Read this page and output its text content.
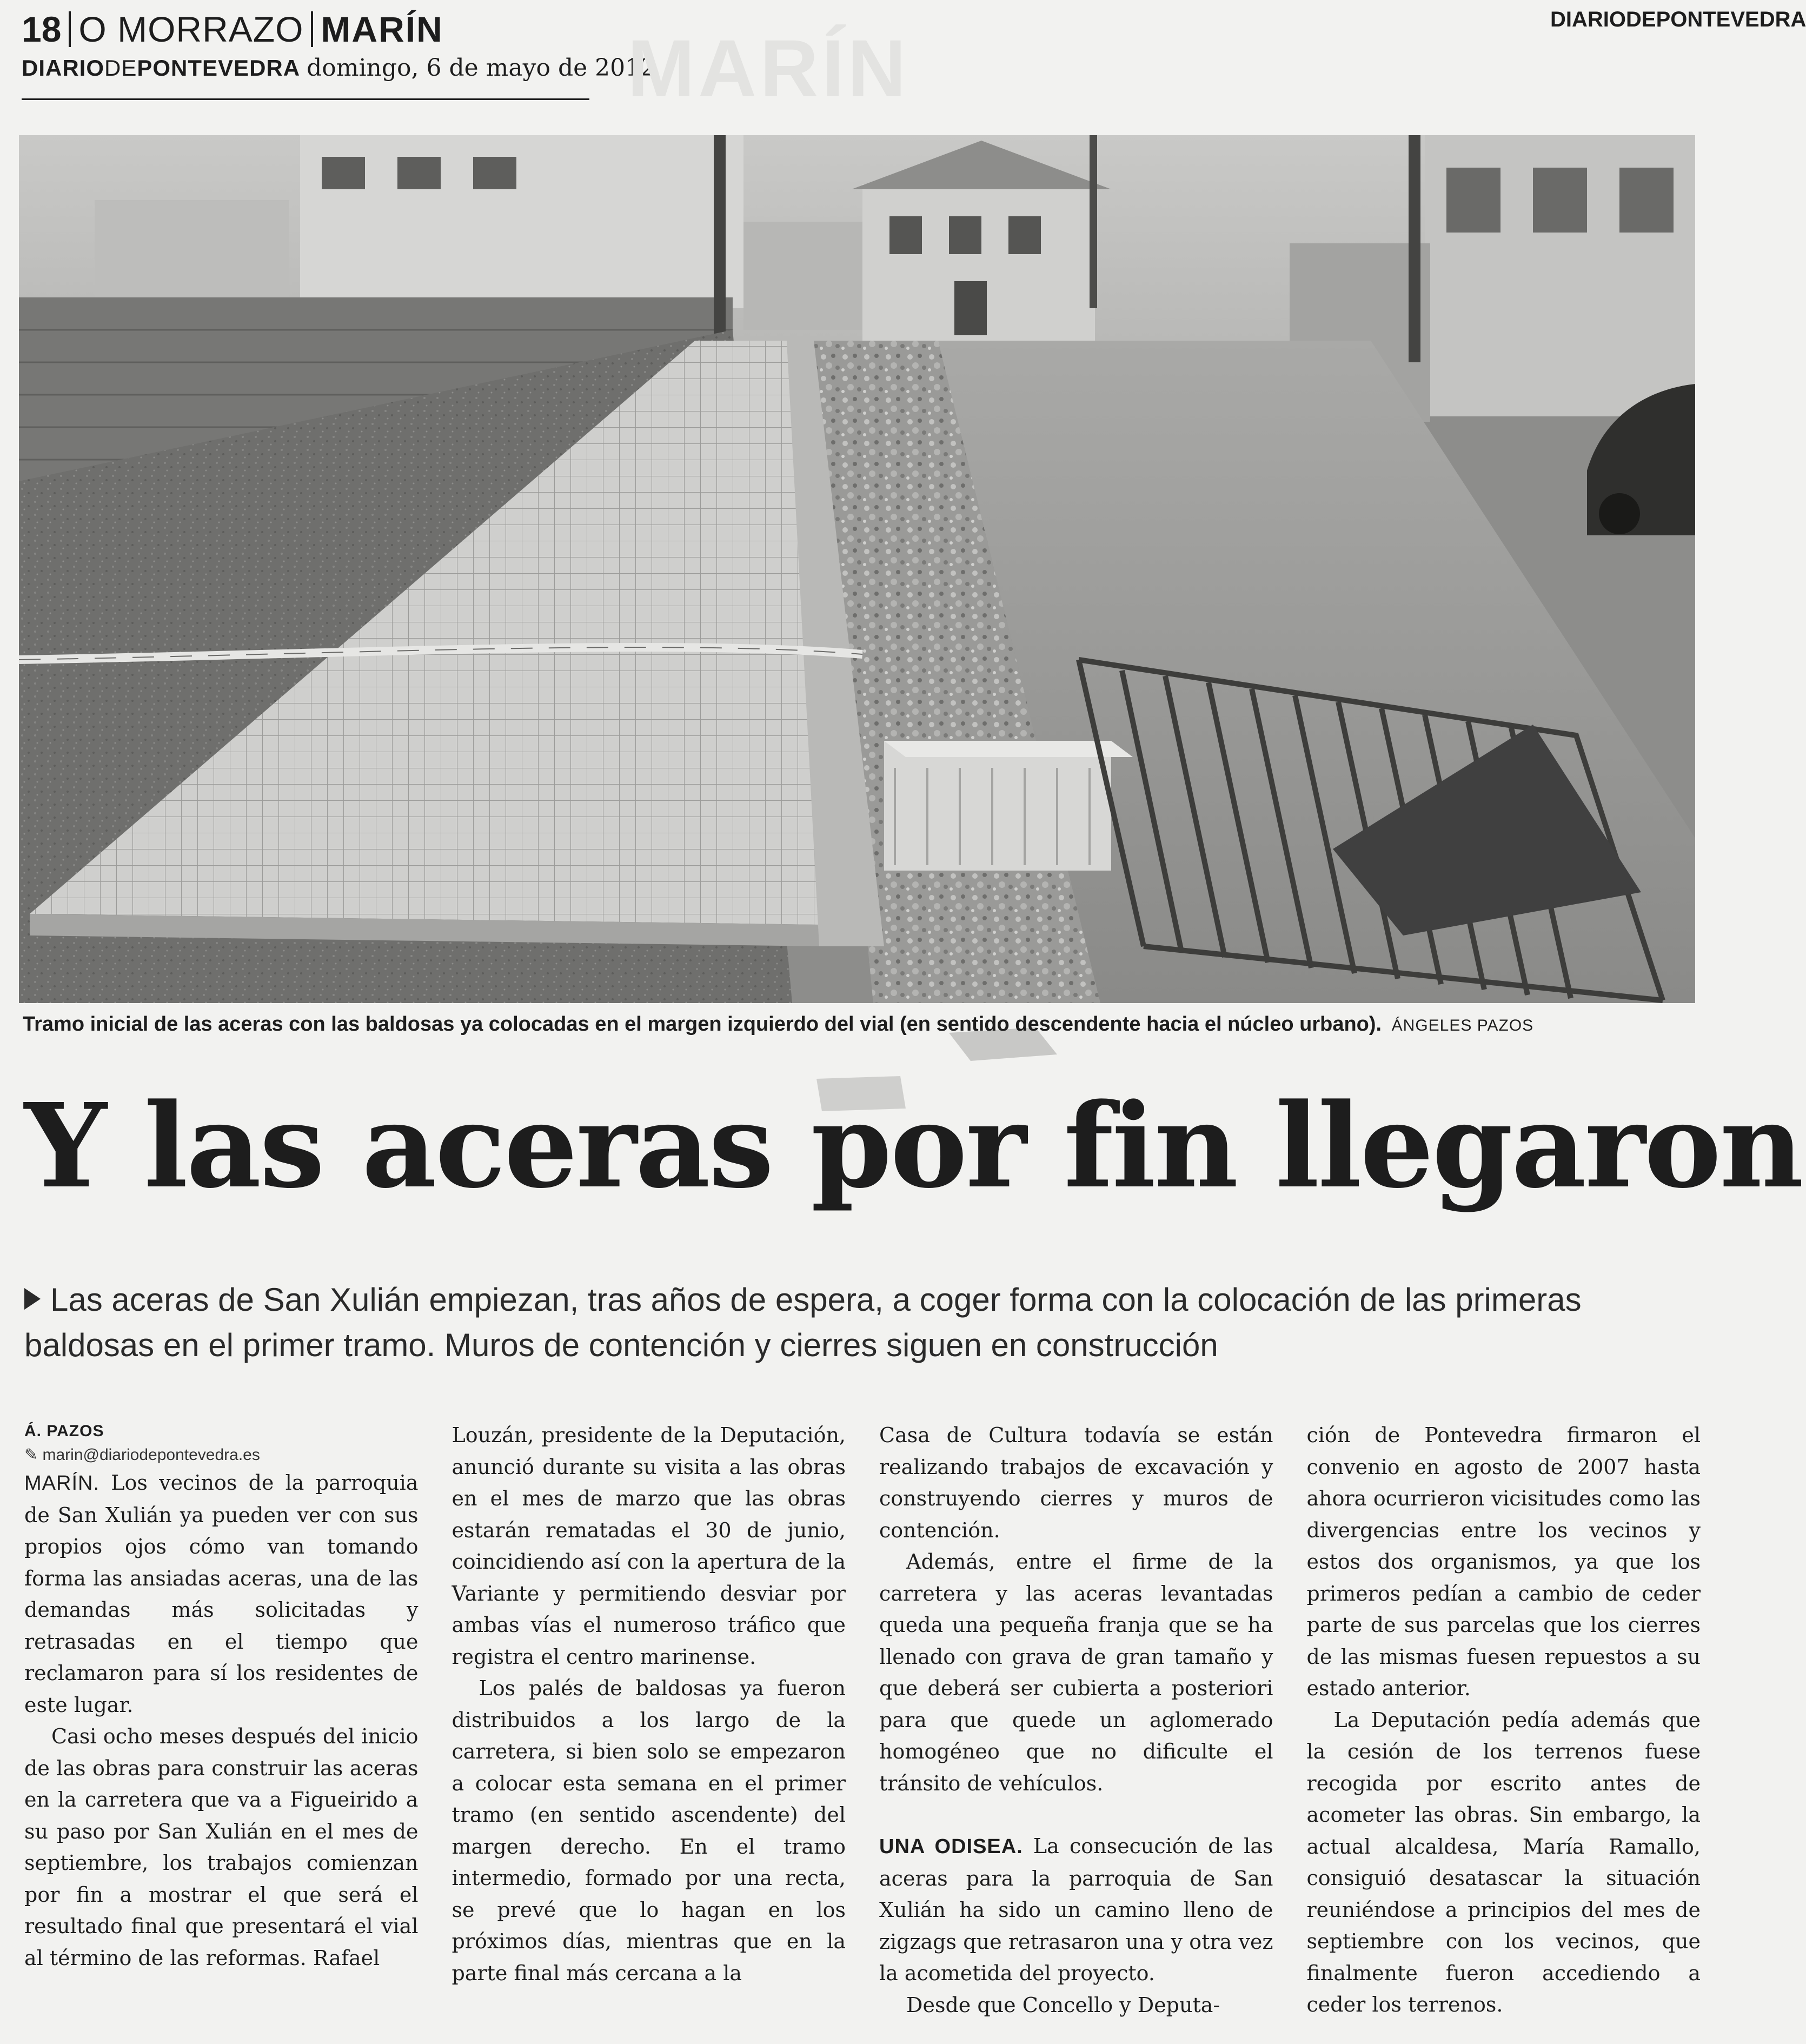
18 O MORRAZO MARÍN
DIARIODEPONTEVEDRA domingo, 6 de mayo de 2012
MARÍN
DIARIODEPONTEVEDRA
Tramo inicial de las aceras con las baldosas ya colocadas en el margen izquierdo del vial (en sentido descendente hacia el núcleo urbano). ÁNGELES PAZOS
Y las aceras por fin llegaron
Las aceras de San Xulián empiezan, tras años de espera, a coger forma con la colocación de las primeras baldosas en el primer tramo. Muros de contención y cierres siguen en construcción
Á. PAZOS
✎ marin@diariodepontevedra.es

MARÍN. Los vecinos de la parroquia de San Xulián ya pueden ver con sus propios ojos cómo van tomando forma las ansiadas aceras, una de las demandas más solicitadas y retrasadas en el tiempo que reclamaron para sí los residentes de este lugar.

Casi ocho meses después del inicio de las obras para construir las aceras en la carretera que va a Figueirido a su paso por San Xulián en el mes de septiembre, los trabajos comienzan por fin a mostrar el que será el resultado final que presentará el vial al término de las reformas. Rafael

Louzán, presidente de la Deputación, anunció durante su visita a las obras en el mes de marzo que las obras estarán rematadas el 30 de junio, coincidiendo así con la apertura de la Variante y permitiendo desviar por ambas vías el numeroso tráfico que registra el centro marinense.

Los palés de baldosas ya fueron distribuidos a los largo de la carretera, si bien solo se empezaron a colocar esta semana en el primer tramo (en sentido ascendente) del margen derecho. En el tramo intermedio, formado por una recta, se prevé que lo hagan en los próximos días, mientras que en la parte final más cercana a la

Casa de Cultura todavía se están realizando trabajos de excavación y construyendo cierres y muros de contención.

Además, entre el firme de la carretera y las aceras levantadas queda una pequeña franja que se ha llenado con grava de gran tamaño y que deberá ser cubierta a posteriori para que quede un aglomerado homogéneo que no dificulte el tránsito de vehículos.

UNA ODISEA. La consecución de las aceras para la parroquia de San Xulián ha sido un camino lleno de zigzags que retrasaron una y otra vez la acometida del proyecto.

Desde que Concello y Deputa-

ción de Pontevedra firmaron el convenio en agosto de 2007 hasta ahora ocurrieron vicisitudes como las divergencias entre los vecinos y estos dos organismos, ya que los primeros pedían a cambio de ceder parte de sus parcelas que los cierres de las mismas fuesen repuestos a su estado anterior.

La Deputación pedía además que la cesión de los terrenos fuese recogida por escrito antes de acometer las obras. Sin embargo, la actual alcaldesa, María Ramallo, consiguió desatascar la situación reuniéndose a principios del mes de septiembre con los vecinos, que finalmente fueron accediendo a ceder los terrenos.
